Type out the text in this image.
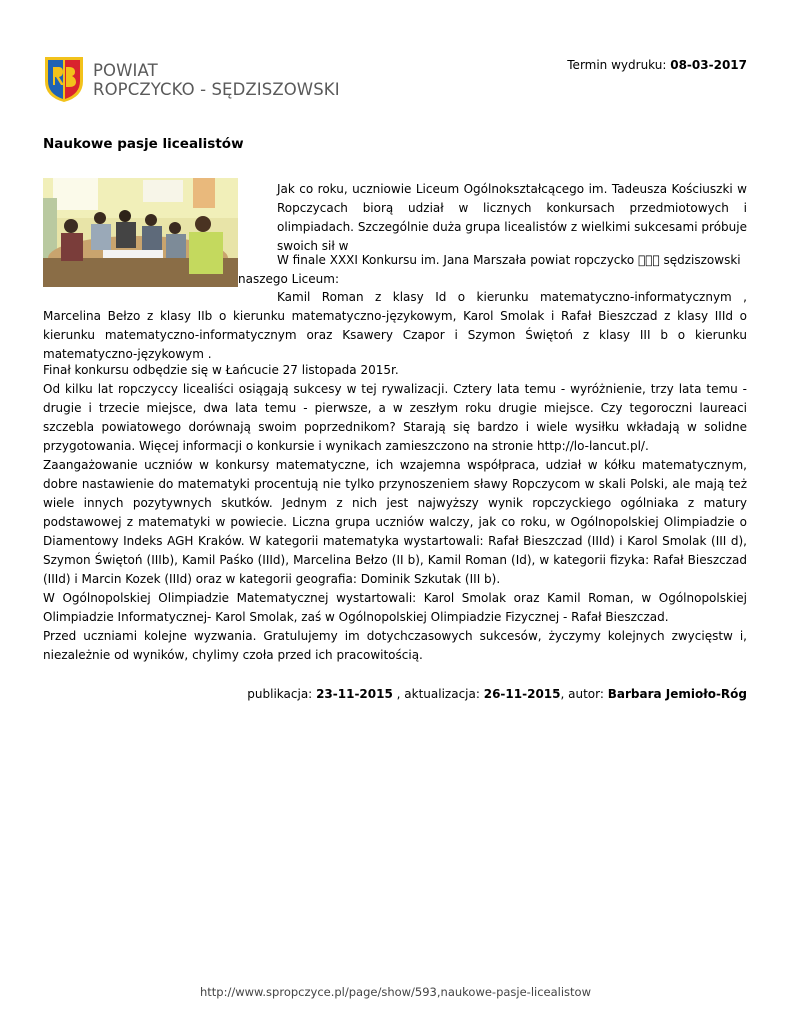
POWIAT
ROPCZYCKO - SĘDZISZOWSKI
Termin wydruku: 08-03-2017
Naukowe pasje licealistów

Jak co roku, uczniowie Liceum Ogólnokształcącego im. Tadeusza Kościuszki w Ropczycach biorą udział w licznych konkursach przedmiotowych i olimpiadach. Szczególnie duża grupa licealistów z wielkimi sukcesami próbuje swoich sił w

W finale XXXI Konkursu im. Jana Marszała powiat ropczycko sędziszowski

naszego Liceum:

Kamil Roman z klasy Id o kierunku matematyczno-informatycznym , Marcelina Bełzo z klasy IIb o kierunku matematyczno-językowym, Karol Smolak i Rafał Bieszczad z klasy IIId o kierunku matematyczno-informatycznym oraz Ksawery Czapor i Szymon Świętoń z klasy III b o kierunku matematyczno-językowym .

Finał konkursu odbędzie się w Łańcucie 27 listopada 2015r.
Od kilku lat ropczyccy licealiści osiągają sukcesy w tej rywalizacji. Cztery lata temu - wyróżnienie, trzy lata temu - drugie i trzecie miejsce, dwa lata temu - pierwsze, a w zeszłym roku drugie miejsce. Czy tegoroczni laureaci szczebla powiatowego dorównają swoim poprzednikom? Starają się bardzo i wiele wysiłku wkładają w solidne przygotowania. Więcej informacji o konkursie i wynikach zamieszczono na stronie http://lo-lancut.pl/.
Zaangażowanie uczniów w konkursy matematyczne, ich wzajemna współpraca, udział w kółku matematycznym, dobre nastawienie do matematyki procentują nie tylko przynoszeniem sławy Ropczycom w skali Polski, ale mają też wiele innych pozytywnych skutków. Jednym z nich jest najwyższy wynik ropczyckiego ogólniaka z matury podstawowej z matematyki w powiecie. Liczna grupa uczniów walczy, jak co roku, w Ogólnopolskiej Olimpiadzie o Diamentowy Indeks AGH Kraków. W kategorii matematyka wystartowali: Rafał Bieszczad (IIId) i Karol Smolak (III d), Szymon Świętoń (IIIb), Kamil Paśko (IIId), Marcelina Bełzo (II b), Kamil Roman (Id), w kategorii fizyka: Rafał Bieszczad (IIId) i Marcin Kozek (IIId) oraz w kategorii geografia: Dominik Szkutak (III b).
W Ogólnopolskiej Olimpiadzie Matematycznej wystartowali: Karol Smolak oraz Kamil Roman, w Ogólnopolskiej Olimpiadzie Informatycznej- Karol Smolak, zaś w Ogólnopolskiej Olimpiadzie Fizycznej - Rafał Bieszczad.
Przed uczniami kolejne wyzwania. Gratulujemy im dotychczasowych sukcesów, życzymy kolejnych zwycięstw i, niezależnie od wyników, chylimy czoła przed ich pracowitością.
publikacja: 23-11-2015 , aktualizacja: 26-11-2015, autor: Barbara Jemioło-Róg
http://www.spropczyce.pl/page/show/593,naukowe-pasje-licealistow
